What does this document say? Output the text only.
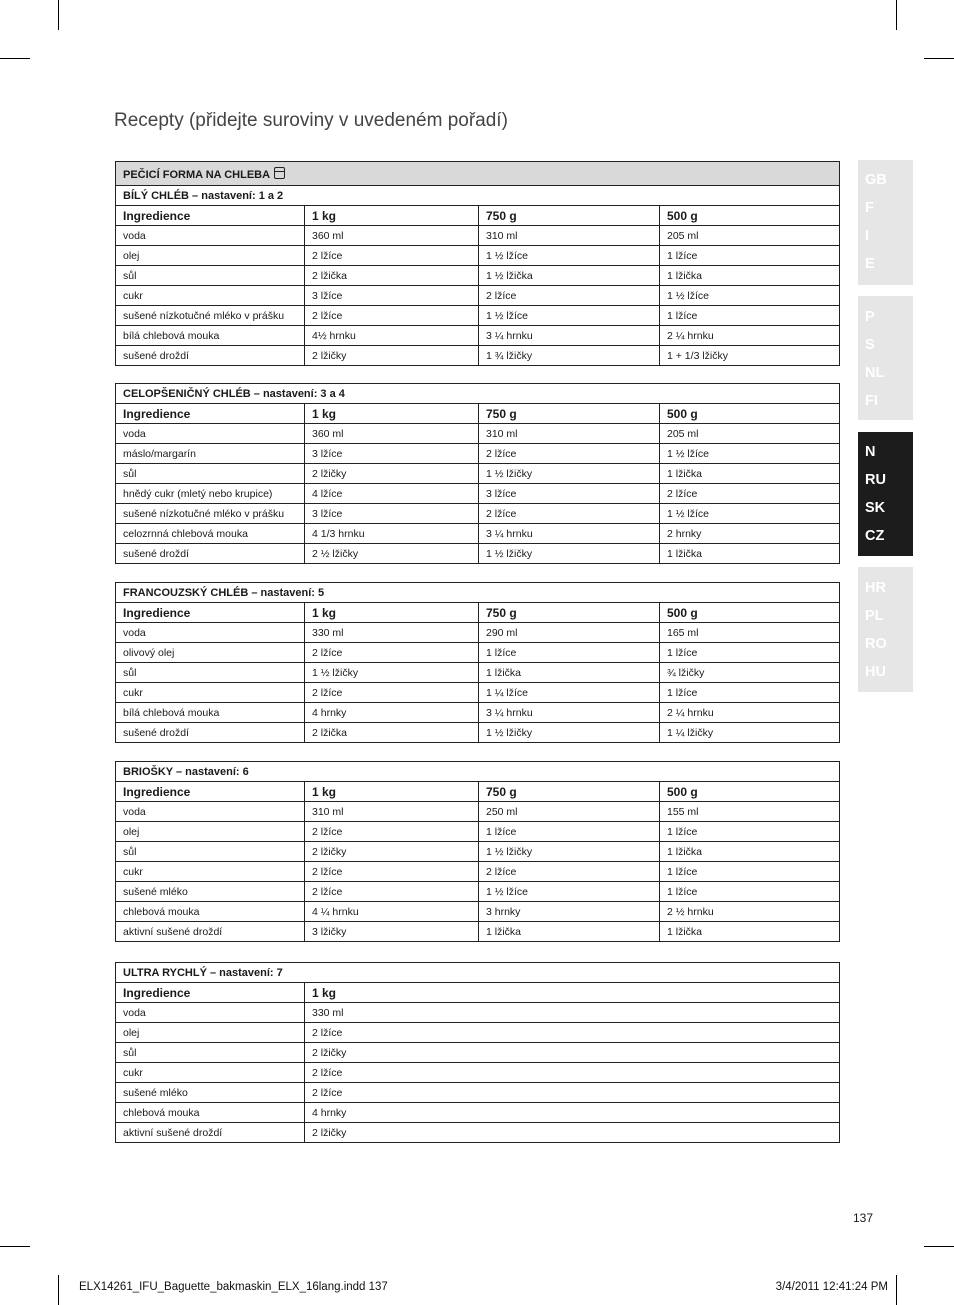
Recepty (přidejte suroviny v uvedeném pořadí)
PEČICÍ FORMA NA CHLEBA			
BÍLÝ CHLÉB – nastavení: 1 a 2			
Ingredience	1 kg	750 g	500 g
voda	360 ml	310 ml	205 ml
olej	2 lžíce	1 ½ lžíce	1 lžíce
sůl	2 lžička	1 ½ lžička	1 lžička
cukr	3 lžíce	2 lžíce	1 ½ lžíce
sušené nízkotučné mléko v prášku	2 lžíce	1 ½ lžíce	1 lžíce
bílá chlebová mouka	4½ hrnku	3 ¼ hrnku	2 ¼ hrnku
sušené droždí	2 lžičky	1 ¾ lžičky	1 + 1/3 lžičky
CELOPŠENIČNÝ CHLÉB – nastavení: 3 a 4			
Ingredience	1 kg	750 g	500 g
voda	360 ml	310 ml	205 ml
máslo/margarín	3 lžíce	2 lžíce	1 ½ lžíce
sůl	2 lžičky	1 ½ lžičky	1 lžička
hnědý cukr (mletý nebo krupice)	4 lžíce	3 lžíce	2 lžíce
sušené nízkotučné mléko v prášku	3 lžíce	2 lžíce	1 ½ lžíce
celozrnná chlebová mouka	4 1/3 hrnku	3 ¼ hrnku	2 hrnky
sušené droždí	2 ½ lžičky	1 ½ lžičky	1 lžička
FRANCOUZSKÝ CHLÉB – nastavení: 5			
Ingredience	1 kg	750 g	500 g
voda	330 ml	290 ml	165 ml
olivový olej	2 lžíce	1 lžíce	1 lžíce
sůl	1 ½ lžičky	1 lžička	¾ lžičky
cukr	2 lžíce	1 ¼ lžíce	1 lžíce
bílá chlebová mouka	4 hrnky	3 ¼ hrnku	2 ¼ hrnku
sušené droždí	2 lžička	1 ½ lžičky	1 ¼ lžičky
BRIOŠKY – nastavení: 6			
Ingredience	1 kg	750 g	500 g
voda	310 ml	250 ml	155 ml
olej	2 lžíce	1 lžíce	1 lžíce
sůl	2 lžičky	1 ½ lžičky	1 lžička
cukr	2 lžíce	2 lžíce	1 lžíce
sušené mléko	2 lžíce	1 ½ lžíce	1 lžíce
chlebová mouka	4 ¼ hrnku	3 hrnky	2 ½ hrnku
aktivní sušené droždí	3 lžičky	1 lžička	1 lžička
ULTRA RYCHLÝ – nastavení: 7	
Ingredience	1 kg
voda	330 ml
olej	2 lžíce
sůl	2 lžičky
cukr	2 lžíce
sušené mléko	2 lžíce
chlebová mouka	4 hrnky
aktivní sušené droždí	2 lžičky
GB
F
I
E
P
S
NL
FI
N
RU
SK
CZ
HR
PL
RO
HU
137
ELX14261_IFU_Baguette_bakmaskin_ELX_16lang.indd 137	3/4/2011 12:41:24 PM
